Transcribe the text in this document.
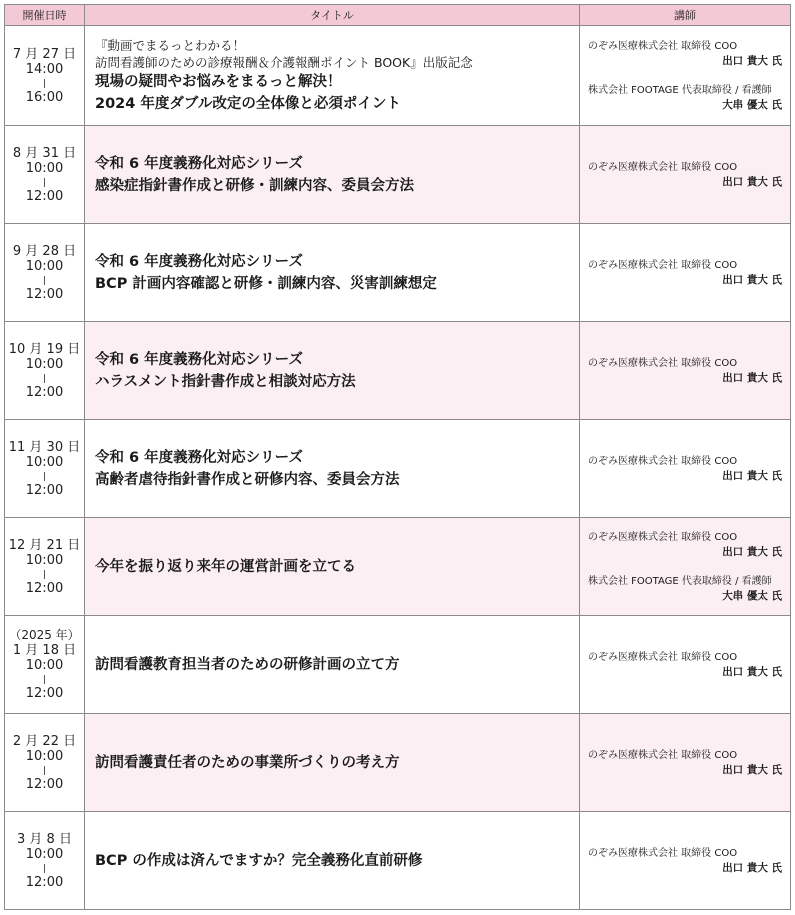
開催日時	タイトル	講師

7 月 27 日
14:00
16:00	『動画でまるっとわかる！
訪問看護師のための診療報酬＆介護報酬ポイント BOOK』出版記念
現場の疑問やお悩みをまるっと解決！
2024 年度ダブル改定の全体像と必須ポイント	のぞみ医療株式会社 取締役 COO
出口 貴大 氏
株式会社 FOOTAGE 代表取締役 / 看護師
大串 優太 氏

8 月 31 日
10:00
12:00	令和 6 年度義務化対応シリーズ
感染症指針書作成と研修・訓練内容、委員会方法	のぞみ医療株式会社 取締役 COO
出口 貴大 氏

9 月 28 日
10:00
12:00	令和 6 年度義務化対応シリーズ
BCP 計画内容確認と研修・訓練内容、災害訓練想定	のぞみ医療株式会社 取締役 COO
出口 貴大 氏

10 月 19 日
10:00
12:00	令和 6 年度義務化対応シリーズ
ハラスメント指針書作成と相談対応方法	のぞみ医療株式会社 取締役 COO
出口 貴大 氏

11 月 30 日
10:00
12:00	令和 6 年度義務化対応シリーズ
高齢者虐待指針書作成と研修内容、委員会方法	のぞみ医療株式会社 取締役 COO
出口 貴大 氏

12 月 21 日
10:00
12:00	今年を振り返り来年の運営計画を立てる	のぞみ医療株式会社 取締役 COO
出口 貴大 氏
株式会社 FOOTAGE 代表取締役 / 看護師
大串 優太 氏

（2025 年）
1 月 18 日
10:00
12:00	訪問看護教育担当者のための研修計画の立て方	のぞみ医療株式会社 取締役 COO
出口 貴大 氏

2 月 22 日
10:00
12:00	訪問看護責任者のための事業所づくりの考え方	のぞみ医療株式会社 取締役 COO
出口 貴大 氏

3 月 8 日
10:00
12:00	BCP の作成は済んでますか？完全義務化直前研修	のぞみ医療株式会社 取締役 COO
出口 貴大 氏
